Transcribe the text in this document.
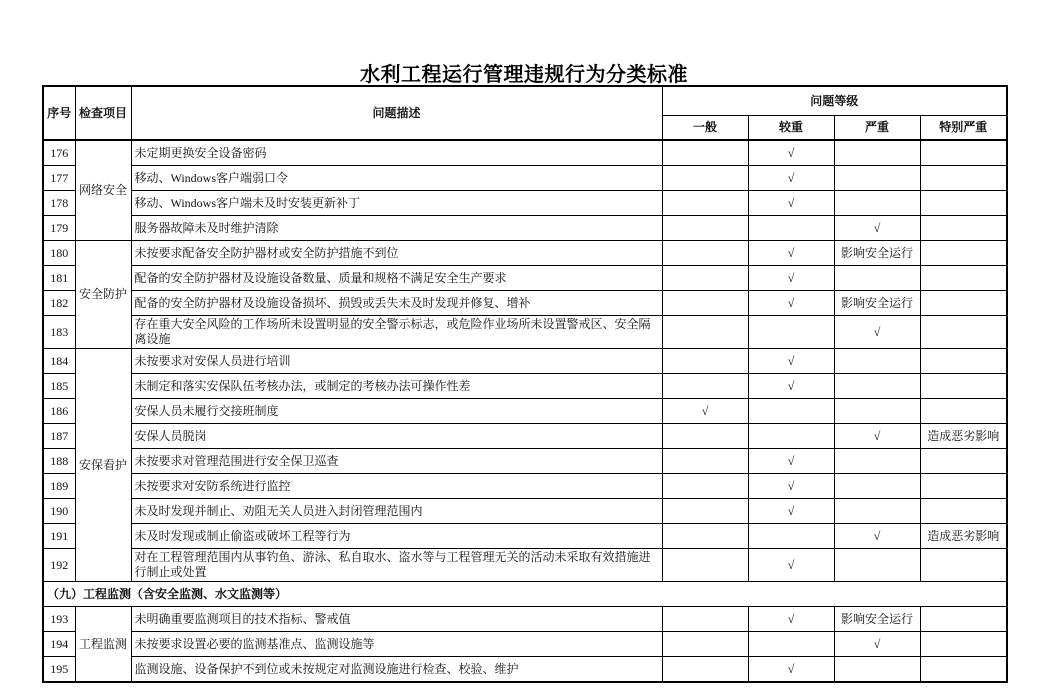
水利工程运行管理违规行为分类标准
序号	检查项目	问题描述	问题等级			
			一般	较重	严重	特别严重
176	网络安全	未定期更换安全设备密码		√		
177		移动、Windows客户端弱口令		√		
178		移动、Windows客户端未及时安装更新补丁		√		
179		服务器故障未及时维护清除			√	
180	安全防护	未按要求配备安全防护器材或安全防护措施不到位		√	影响安全运行	
181		配备的安全防护器材及设施设备数量、质量和规格不满足安全生产要求		√		
182		配备的安全防护器材及设施设备损坏、损毁或丢失未及时发现并修复、增补		√	影响安全运行	
183		存在重大安全风险的工作场所未设置明显的安全警示标志，或危险作业场所未设置警戒区、安全隔离设施			√	
184	安保看护	未按要求对安保人员进行培训		√		
185		未制定和落实安保队伍考核办法，或制定的考核办法可操作性差		√		
186		安保人员未履行交接班制度	√			
187		安保人员脱岗			√	造成恶劣影响
188		未按要求对管理范围进行安全保卫巡查		√		
189		未按要求对安防系统进行监控		√		
190		未及时发现并制止、劝阻无关人员进入封闭管理范围内		√		
191		未及时发现或制止偷盗或破坏工程等行为			√	造成恶劣影响
192		对在工程管理范围内从事钓鱼、游泳、私自取水、盗水等与工程管理无关的活动未采取有效措施进行制止或处置		√		
（九）工程监测（含安全监测、水文监测等）						
193	工程监测	未明确重要监测项目的技术指标、警戒值		√	影响安全运行	
194		未按要求设置必要的监测基准点、监测设施等			√	
195		监测设施、设备保护不到位或未按规定对监测设施进行检查、校验、维护		√		
